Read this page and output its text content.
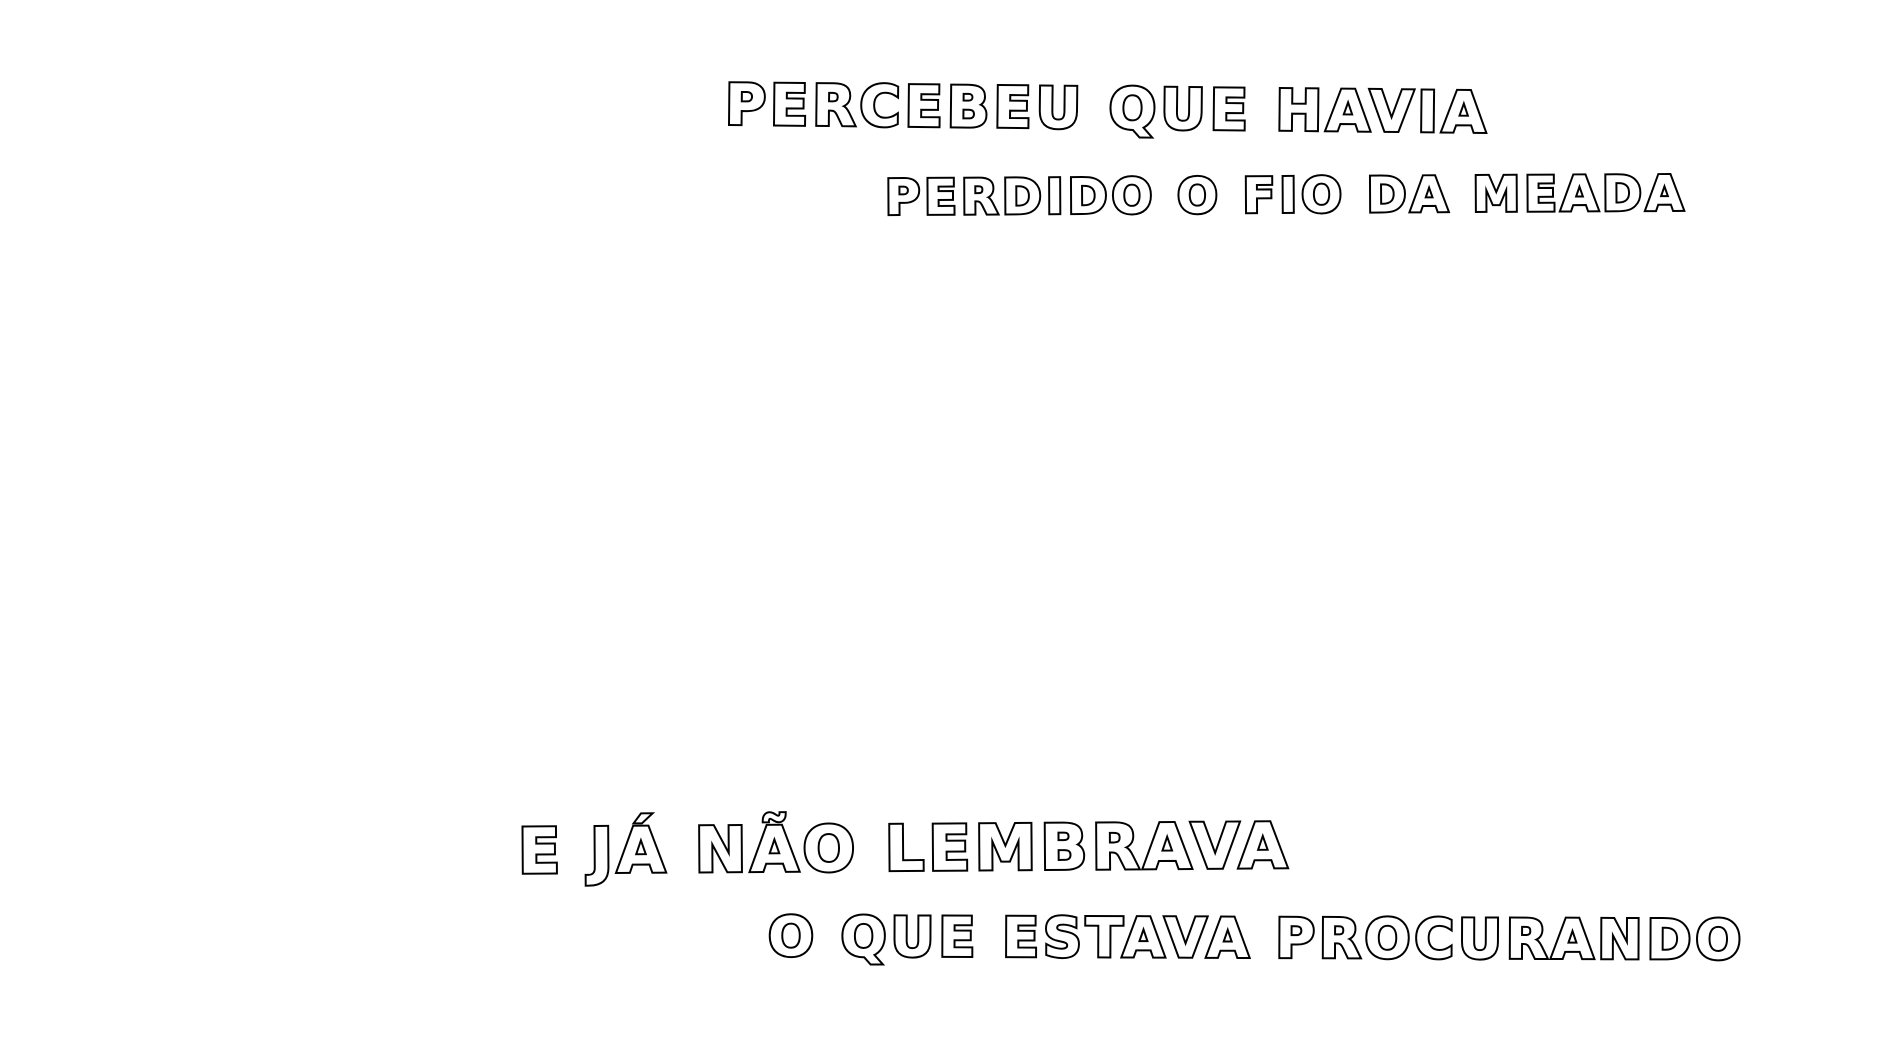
PERCEBEU QUE HAVIA

PERDIDO O FIO DA MEADA

E JÁ NÃO LEMBRAVA

O QUE ESTAVA PROCURANDO
